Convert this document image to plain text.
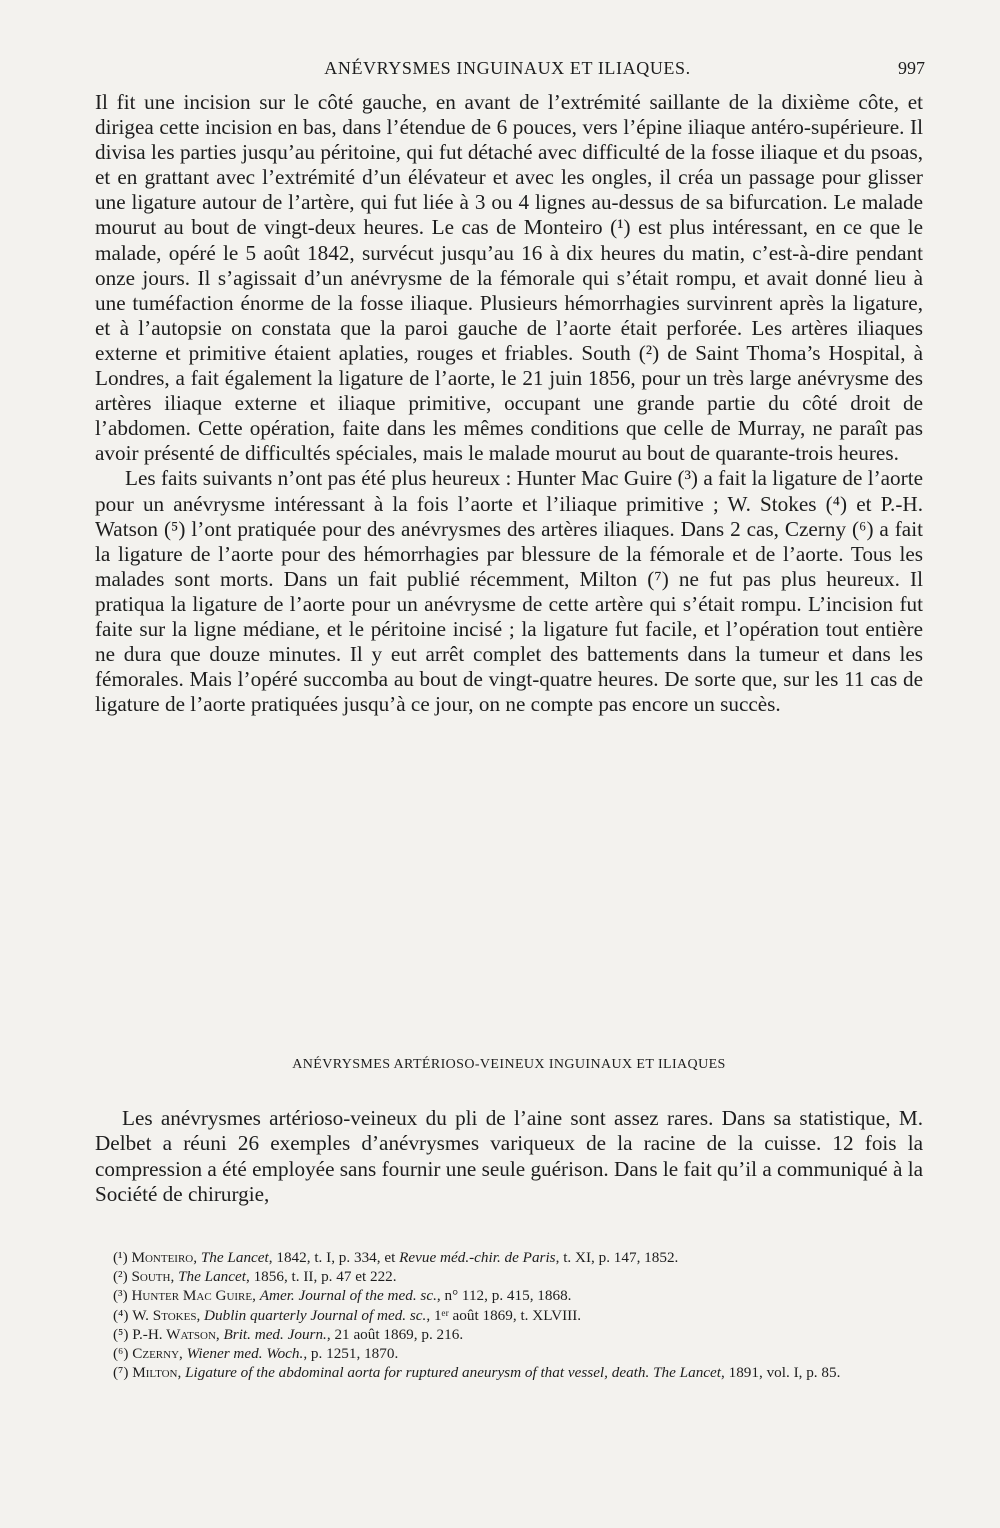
ANÉVRYSMES INGUINAUX ET ILIAQUES.	997

Il fit une incision sur le côté gauche, en avant de l’extrémité saillante de la dixième côte, et dirigea cette incision en bas, dans l’étendue de 6 pouces, vers l’épine iliaque antéro-supérieure. Il divisa les parties jusqu’au péritoine, qui fut détaché avec difficulté de la fosse iliaque et du psoas, et en grattant avec l’extrémité d’un élévateur et avec les ongles, il créa un passage pour glisser une ligature autour de l’artère, qui fut liée à 3 ou 4 lignes au-dessus de sa bifurcation. Le malade mourut au bout de vingt-deux heures. Le cas de Monteiro (¹) est plus intéressant, en ce que le malade, opéré le 5 août 1842, survécut jusqu’au 16 à dix heures du matin, c’est-à-dire pendant onze jours. Il s’agissait d’un anévrysme de la fémorale qui s’était rompu, et avait donné lieu à une tuméfaction énorme de la fosse iliaque. Plusieurs hémorrhagies survinrent après la ligature, et à l’autopsie on constata que la paroi gauche de l’aorte était perforée. Les artères iliaques externe et primitive étaient aplaties, rouges et friables. South (²) de Saint Thoma’s Hospital, à Londres, a fait également la ligature de l’aorte, le 21 juin 1856, pour un très large anévrysme des artères iliaque externe et iliaque primitive, occupant une grande partie du côté droit de l’abdomen. Cette opération, faite dans les mêmes conditions que celle de Murray, ne paraît pas avoir présenté de difficultés spéciales, mais le malade mourut au bout de quarante-trois heures.

Les faits suivants n’ont pas été plus heureux : Hunter Mac Guire (³) a fait la ligature de l’aorte pour un anévrysme intéressant à la fois l’aorte et l’iliaque primitive ; W. Stokes (⁴) et P.-H. Watson (⁵) l’ont pratiquée pour des anévrysmes des artères iliaques. Dans 2 cas, Czerny (⁶) a fait la ligature de l’aorte pour des hémorrhagies par blessure de la fémorale et de l’aorte. Tous les malades sont morts. Dans un fait publié récemment, Milton (⁷) ne fut pas plus heureux. Il pratiqua la ligature de l’aorte pour un anévrysme de cette artère qui s’était rompu. L’incision fut faite sur la ligne médiane, et le péritoine incisé ; la ligature fut facile, et l’opération tout entière ne dura que douze minutes. Il y eut arrêt complet des battements dans la tumeur et dans les fémorales. Mais l’opéré succomba au bout de vingt-quatre heures. De sorte que, sur les 11 cas de ligature de l’aorte pratiquées jusqu’à ce jour, on ne compte pas encore un succès.

ANÉVRYSMES ARTÉRIOSO-VEINEUX INGUINAUX ET ILIAQUES

Les anévrysmes artérioso-veineux du pli de l’aine sont assez rares. Dans sa statistique, M. Delbet a réuni 26 exemples d’anévrysmes variqueux de la racine de la cuisse. 12 fois la compression a été employée sans fournir une seule guérison. Dans le fait qu’il a communiqué à la Société de chirurgie,

(¹) Monteiro, The Lancet, 1842, t. I, p. 334, et Revue méd.-chir. de Paris, t. XI, p. 147, 1852.

(²) South, The Lancet, 1856, t. II, p. 47 et 222.

(³) Hunter Mac Guire, Amer. Journal of the med. sc., n° 112, p. 415, 1868.

(⁴) W. Stokes, Dublin quarterly Journal of med. sc., 1ᵉʳ août 1869, t. XLVIII.

(⁵) P.-H. Watson, Brit. med. Journ., 21 août 1869, p. 216.

(⁶) Czerny, Wiener med. Woch., p. 1251, 1870.

(⁷) Milton, Ligature of the abdominal aorta for ruptured aneurysm of that vessel, death. The Lancet, 1891, vol. I, p. 85.
